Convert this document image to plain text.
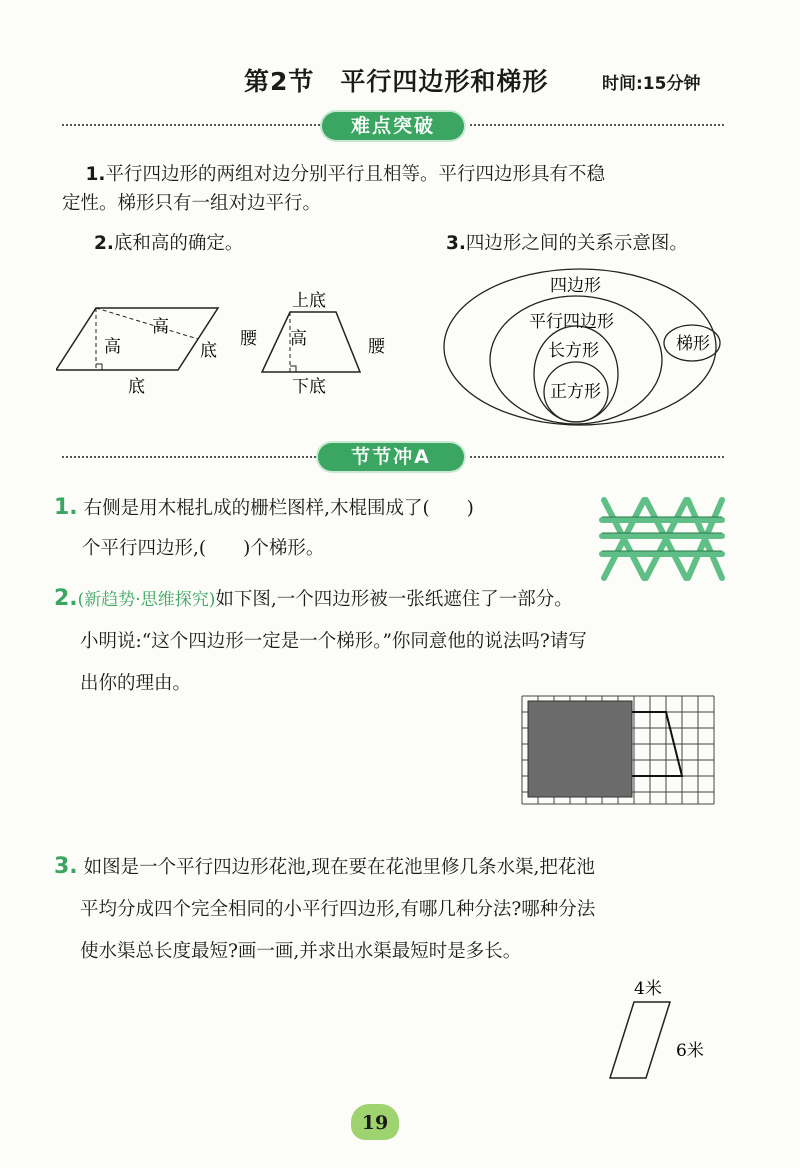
第2节　平行四边形和梯形	时间:15分钟
难点突破
1.平行四边形的两组对边分别平行且相等。平行四边形具有不稳
定性。梯形只有一组对边平行。
2.底和高的确定。	3.四边形之间的关系示意图。
高
高	底
底
上底
腰 高	腰
下底
四边形
平行四边形
长方形
正方形
梯形
节节冲A
1. 右侧是用木棍扎成的栅栏图样,木棍围成了(　　)
个平行四边形,(　　)个梯形。
2.(新趋势·思维探究)如下图,一个四边形被一张纸遮住了一部分。
小明说:“这个四边形一定是一个梯形。”你同意他的说法吗?请写
出你的理由。
3. 如图是一个平行四边形花池,现在要在花池里修几条水渠,把花池
平均分成四个完全相同的小平行四边形,有哪几种分法?哪种分法
使水渠总长度最短?画一画,并求出水渠最短时是多长。
4米
6米
19
